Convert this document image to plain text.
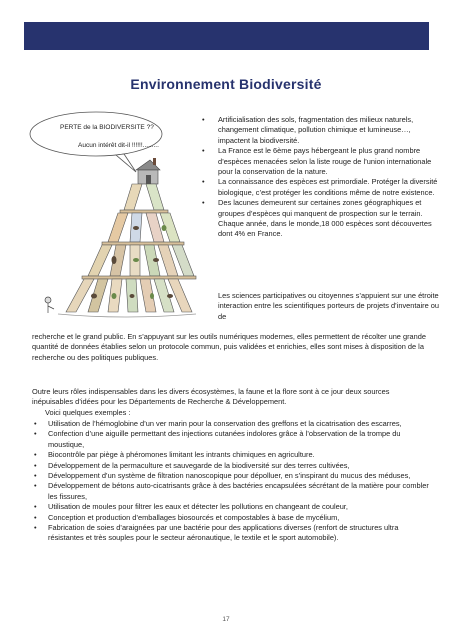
Environnement Biodiversité
PERTE de la BIODIVERSITE ??
Aucun intérêt dit-il !!!!!!.........
• Artificialisation des sols, fragmentation des milieux naturels, changement climatique, pollution chimique et lumineuse…, impactent la biodiversité.
• La France est le 6ème pays hébergeant le plus grand nombre d’espèces menacées selon la liste rouge de l’union internationale pour la conservation de la nature.
• La connaissance des espèces est primordiale. Protéger la diversité biologique, c’est protéger les conditions même de notre existence.
• Des lacunes demeurent sur certaines zones géographiques et groupes d’espèces qui manquent de prospection sur le terrain. Chaque année, dans le monde,18 000 espèces sont découvertes dont 4% en France.

Les sciences participatives ou citoyennes s’appuient sur une étroite interaction entre les scientifiques porteurs de projets d’inventaire ou de

recherche et le grand public. En s’appuyant sur les outils numériques modernes, elles permettent de récolter une grande quantité de données établies selon un protocole commun, puis validées et enrichies, elles sont mises à disposition de la recherche ou des politiques publiques.

Outre leurs rôles indispensables dans les divers écosystèmes, la faune et la flore sont à ce jour deux sources inépuisables d’idées pour les Départements de Recherche & Développement.

Voici quelques exemples :

• Utilisation de l’hémoglobine d’un ver marin pour la conservation des greffons et la cicatrisation des escarres,
• Confection d’une aiguille permettant des injections cutanées indolores grâce à l’observation de la trompe du moustique,
• Biocontrôle par piège à phéromones limitant les intrants chimiques en agriculture.
• Développement de la permaculture et sauvegarde de la biodiversité sur des terres cultivées,
• Développement d’un système de filtration nanoscopique pour dépolluer, en s’inspirant du mucus des méduses,
• Développement de bétons auto-cicatrisants grâce à des bactéries encapsulées sécrétant de la matière pour combler les fissures,
• Utilisation de moules pour filtrer les eaux et détecter les pollutions en changeant de couleur,
• Conception et production d’emballages biosourcés et compostables à base de mycélium,
• Fabrication de soies d’araignées par une bactérie pour des applications diverses (renfort de structures ultra résistantes et très souples pour le secteur aéronautique, le textile et le sport automobile).
17
